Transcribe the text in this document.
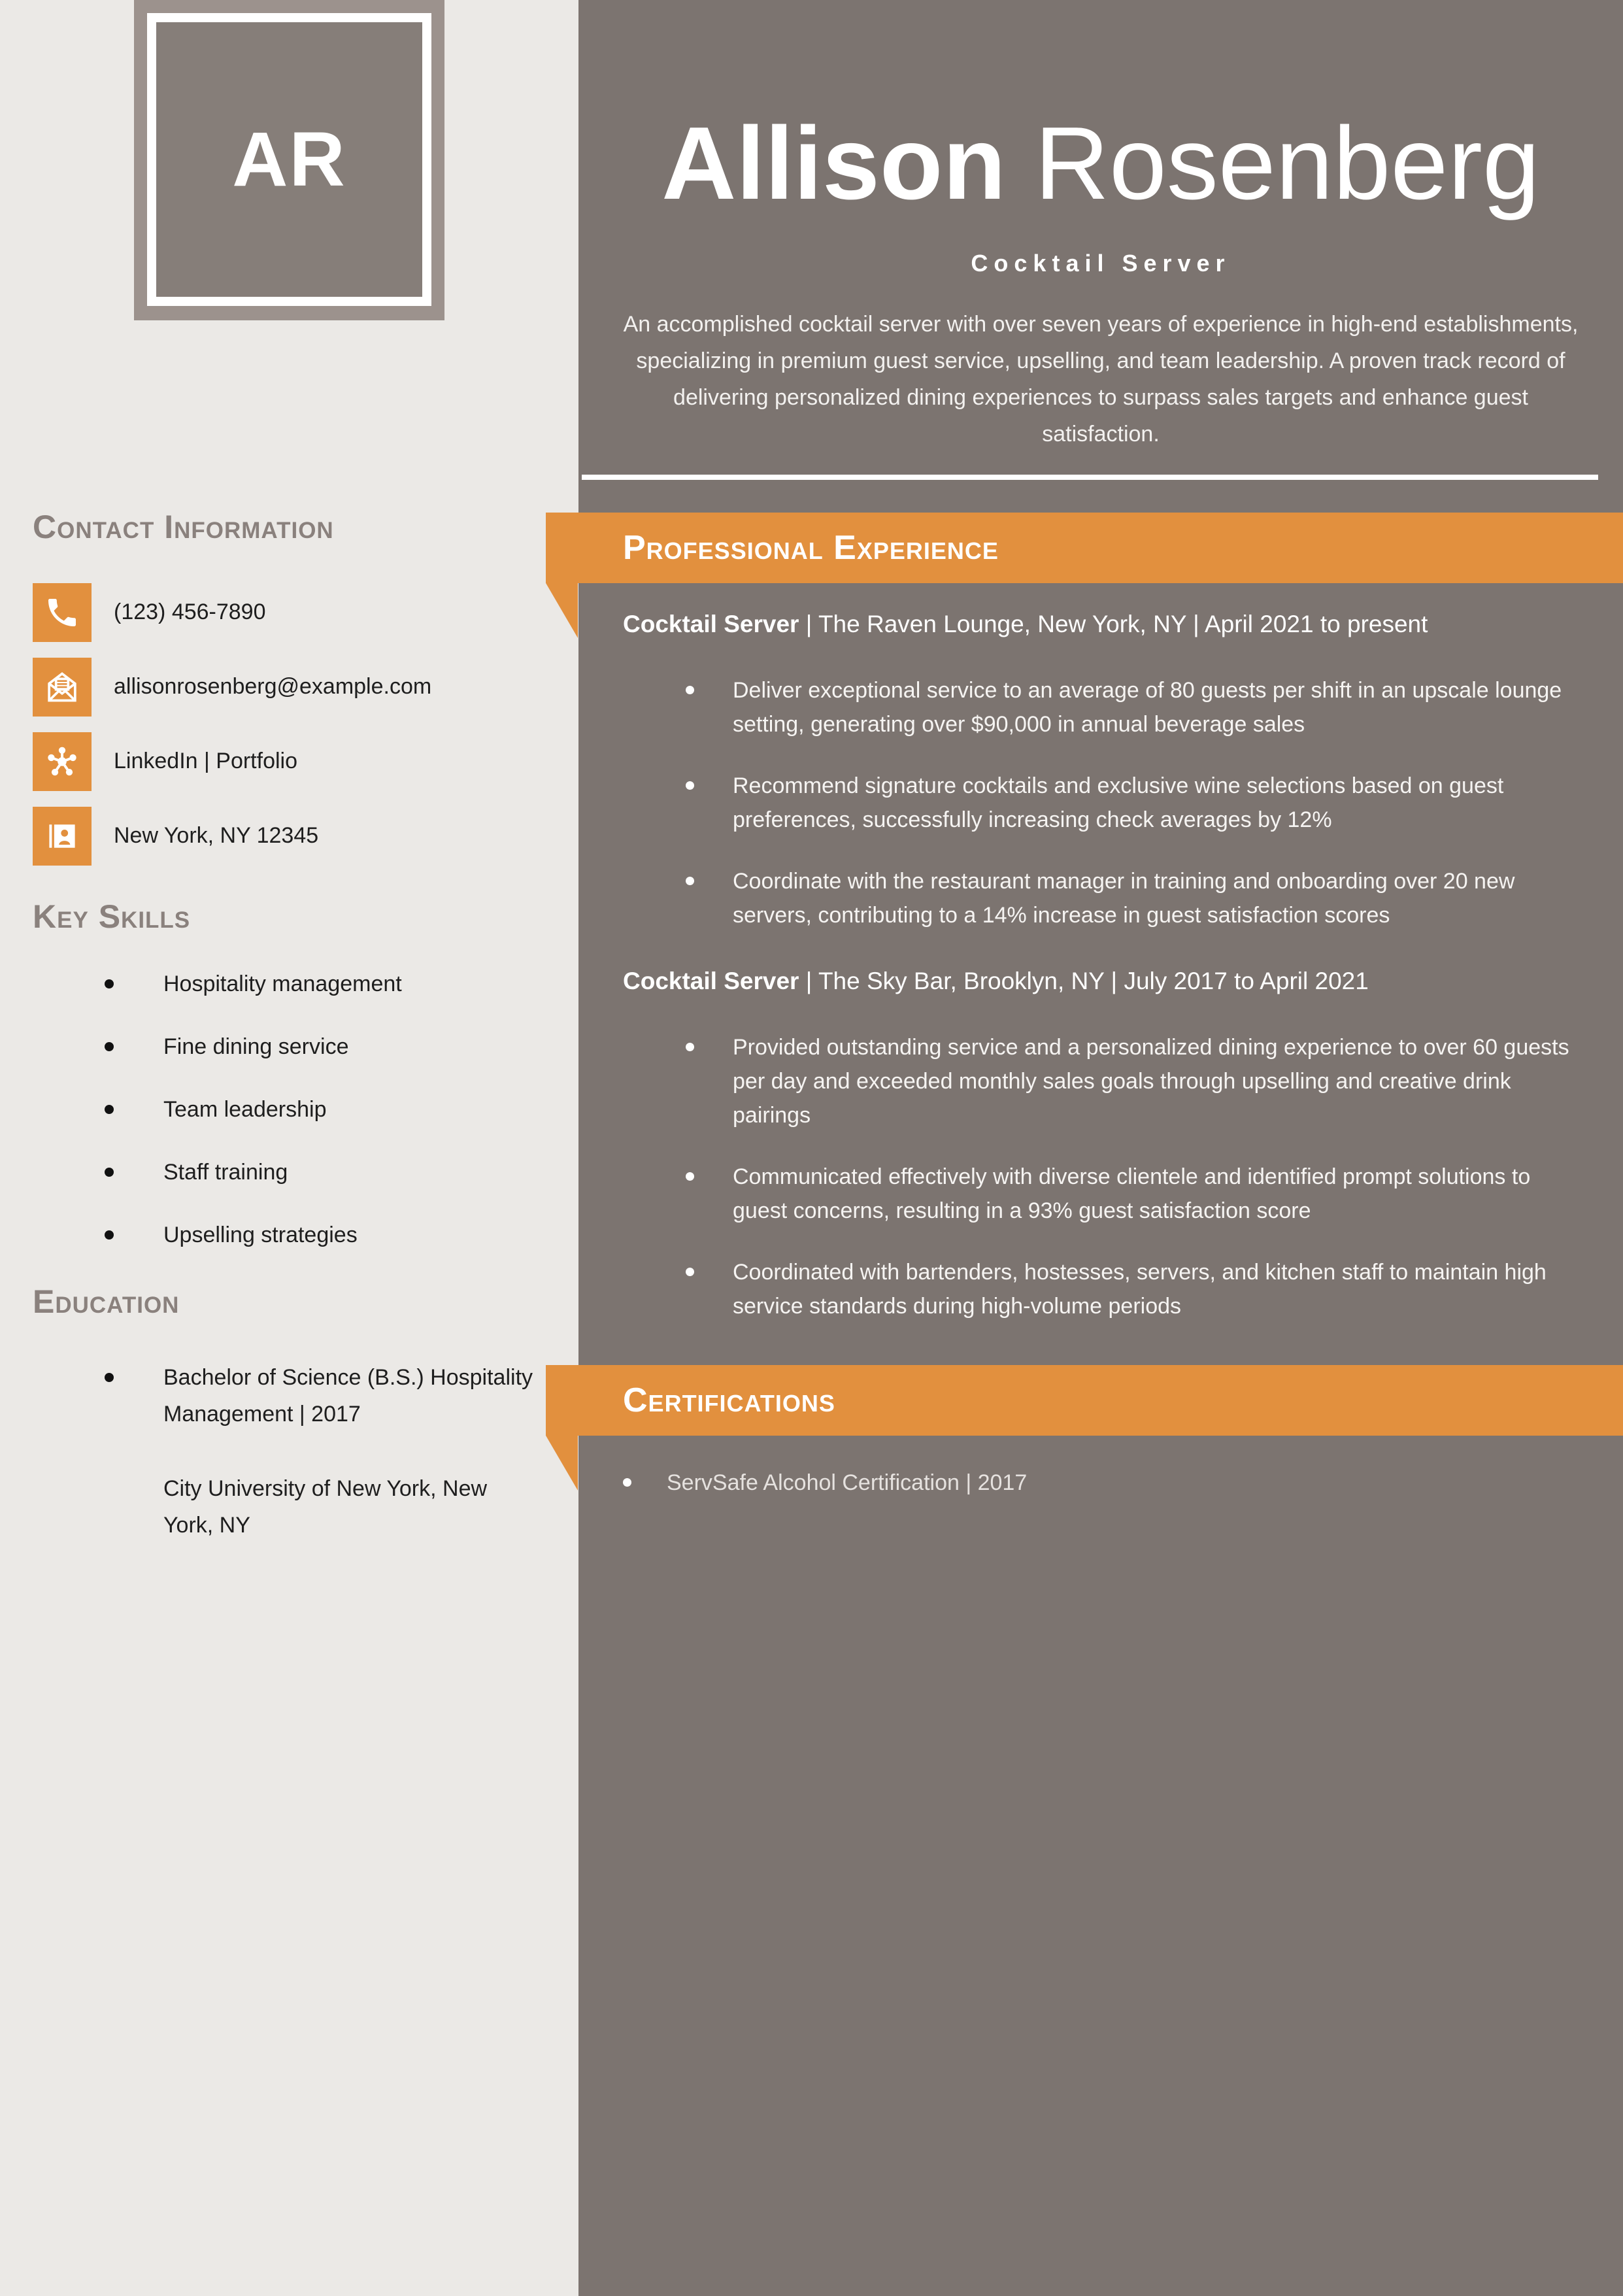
AR
Contact Information
(123) 456-7890
allisonrosenberg@example.com
LinkedIn | Portfolio
New York, NY 12345
Key Skills
Hospitality management
Fine dining service
Team leadership
Staff training
Upselling strategies
Education
Bachelor of Science (B.S.) Hospitality Management | 2017
City University of New York, New York, NY
Allison Rosenberg
Cocktail Server

An accomplished cocktail server with over seven years of experience in high-end establishments, specializing in premium guest service, upselling, and team leadership. A proven track record of delivering personalized dining experiences to surpass sales targets and enhance guest satisfaction.

Professional Experience
Cocktail Server | The Raven Lounge, New York, NY | April 2021 to present
Deliver exceptional service to an average of 80 guests per shift in an upscale lounge setting, generating over $90,000 in annual beverage sales
Recommend signature cocktails and exclusive wine selections based on guest preferences, successfully increasing check averages by 12%
Coordinate with the restaurant manager in training and onboarding over 20 new servers, contributing to a 14% increase in guest satisfaction scores
Cocktail Server | The Sky Bar, Brooklyn, NY | July 2017 to April 2021
Provided outstanding service and a personalized dining experience to over 60 guests per day and exceeded monthly sales goals through upselling and creative drink pairings
Communicated effectively with diverse clientele and identified prompt solutions to guest concerns, resulting in a 93% guest satisfaction score
Coordinated with bartenders, hostesses, servers, and kitchen staff to maintain high service standards during high-volume periods
Certifications
ServSafe Alcohol Certification | 2017
